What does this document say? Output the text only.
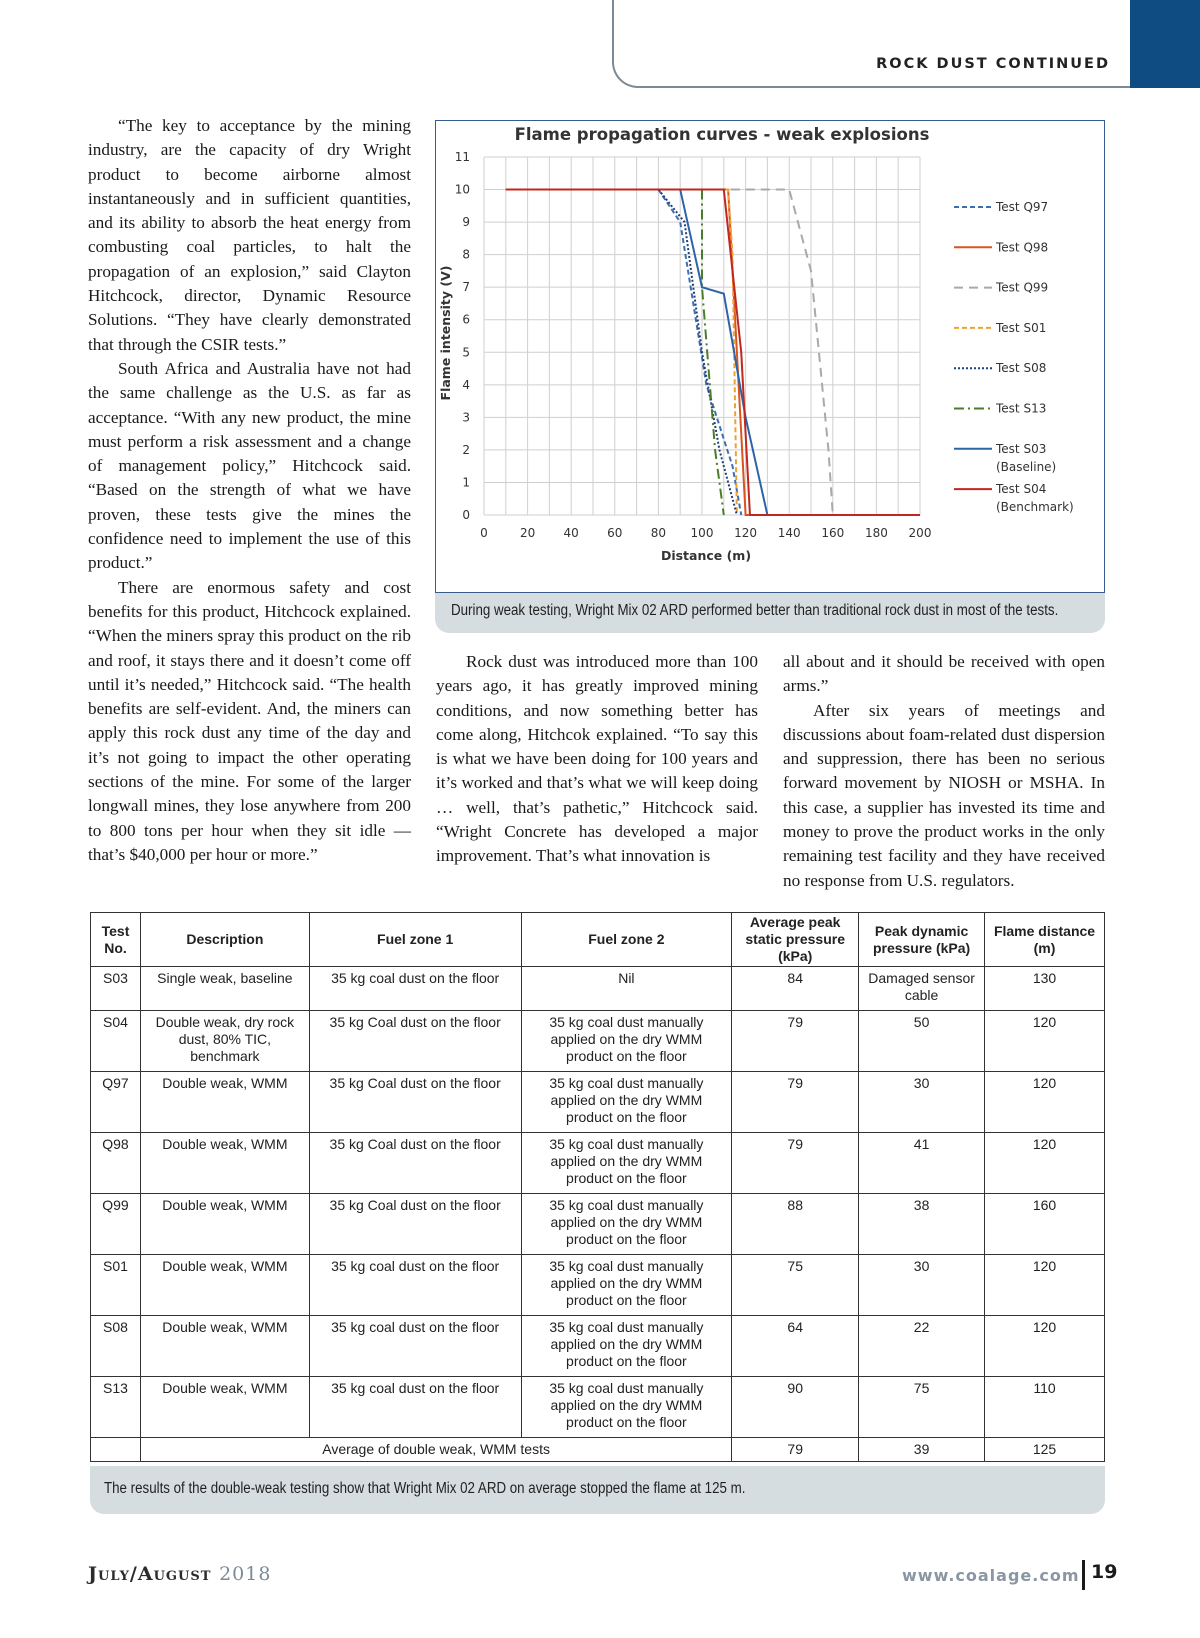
ROCK DUST CONTINUED

“The key to acceptance by the mining industry, are the capacity of dry Wright product to become airborne almost instantaneously and in sufficient quantities, and its ability to absorb the heat energy from combusting coal particles, to halt the propagation of an explosion,” said Clayton Hitchcock, director, Dynamic Resource Solutions. “They have clearly demonstrated that through the CSIR tests.”

South Africa and Australia have not had the same challenge as the U.S. as far as acceptance. “With any new product, the mine must perform a risk assessment and a change of management policy,” Hitchcock said. “Based on the strength of what we have proven, these tests give the mines the confidence need to implement the use of this product.”

There are enormous safety and cost benefits for this product, Hitchcock explained. “When the miners spray this product on the rib and roof, it stays there and it doesn’t come off until it’s needed,” Hitchcock said. “The health benefits are self-evident. And, the miners can apply this rock dust any time of the day and it’s not going to impact the other operating sections of the mine. For some of the larger longwall mines, they lose anywhere from 200 to 800 tons per hour when they sit idle — that’s $40,000 per hour or more.”

Flame propagation curves - weak explosions
0	20 40 60 80 100 120 140 160 180 200
0
1
2
3
4
5
6
7
8
9
10
11
Distance (m)
Flame intensity (V)
Test Q97
Test Q98
Test Q99
Test S01
Test S08
Test S13
Test S03
(Baseline)
Test S04
(Benchmark)
During weak testing, Wright Mix 02 ARD performed better than traditional rock dust in most of the tests.

Rock dust was introduced more than 100 years ago, it has greatly improved mining conditions, and now something better has come along, Hitchcok explained. “To say this is what we have been doing for 100 years and it’s worked and that’s what we will keep doing … well, that’s pathetic,” Hitchcock said. “Wright Concrete has developed a major improvement. That’s what innovation is

all about and it should be received with open arms.”

After six years of meetings and discussions about foam-related dust dispersion and suppression, there has been no serious forward movement by NIOSH or MSHA. In this case, a supplier has invested its time and money to prove the product works in the only remaining test facility and they have received no response from U.S. regulators.

Test No.	Description	Fuel zone 1	Fuel zone 2	Average peak static pressure (kPa)	Peak dynamic pressure (kPa)	Flame distance (m)
S03	Single weak, baseline	35 kg coal dust on the floor	Nil	84	Damaged sensor cable	130
S04	Double weak, dry rock dust, 80% TIC, benchmark	35 kg Coal dust on the floor	35 kg coal dust manually applied on the dry WMM product on the floor	79	50	120
Q97	Double weak, WMM	35 kg Coal dust on the floor	35 kg coal dust manually applied on the dry WMM product on the floor	79	30	120
Q98	Double weak, WMM	35 kg Coal dust on the floor	35 kg coal dust manually applied on the dry WMM product on the floor	79	41	120
Q99	Double weak, WMM	35 kg Coal dust on the floor	35 kg coal dust manually applied on the dry WMM product on the floor	88	38	160
S01	Double weak, WMM	35 kg coal dust on the floor	35 kg coal dust manually applied on the dry WMM product on the floor	75	30	120
S08	Double weak, WMM	35 kg coal dust on the floor	35 kg coal dust manually applied on the dry WMM product on the floor	64	22	120
S13	Double weak, WMM	35 kg coal dust on the floor	35 kg coal dust manually applied on the dry WMM product on the floor	90	75	110
	Average of double weak, WMM tests			79	39	125
The results of the double-weak testing show that Wright Mix 02 ARD on average stopped the flame at 125 m.
July/August 2018	www.coalage.com 19
